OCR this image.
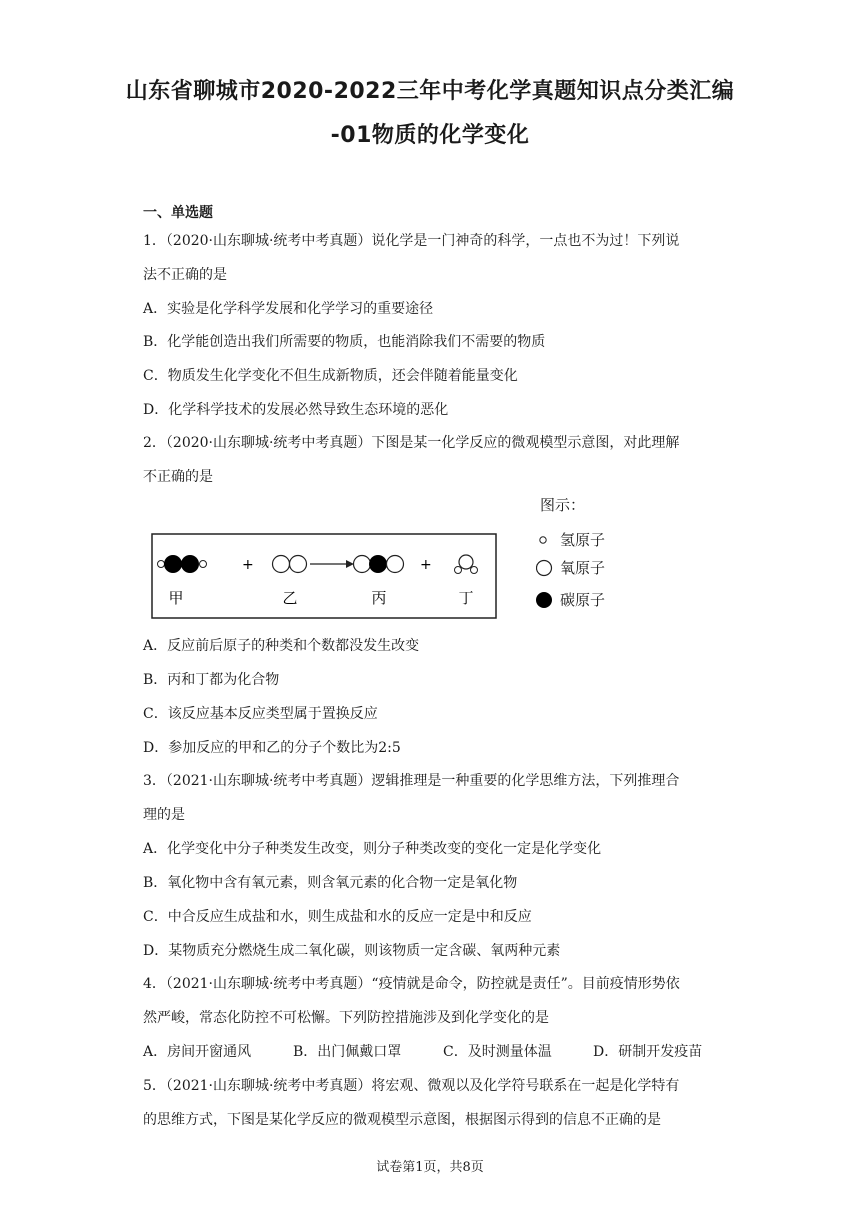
山东省聊城市2020-2022三年中考化学真题知识点分类汇编
-01物质的化学变化
一、单选题
1．（2020·山东聊城·统考中考真题）说化学是一门神奇的科学，一点也不为过！下列说
法不正确的是
A．实验是化学科学发展和化学学习的重要途径
B．化学能创造出我们所需要的物质，也能消除我们不需要的物质
C．物质发生化学变化不但生成新物质，还会伴随着能量变化
D．化学科学技术的发展必然导致生态环境的恶化
2．（2020·山东聊城·统考中考真题）下图是某一化学反应的微观模型示意图，对此理解
不正确的是
+	+
甲	乙	丙	丁
图示：
氢原子
氧原子
碳原子
A．反应前后原子的种类和个数都没发生改变
B．丙和丁都为化合物
C．该反应基本反应类型属于置换反应
D．参加反应的甲和乙的分子个数比为2:5
3．（2021·山东聊城·统考中考真题）逻辑推理是一种重要的化学思维方法，下列推理合
理的是
A．化学变化中分子种类发生改变，则分子种类改变的变化一定是化学变化
B．氧化物中含有氧元素，则含氧元素的化合物一定是氧化物
C．中合反应生成盐和水，则生成盐和水的反应一定是中和反应
D．某物质充分燃烧生成二氧化碳，则该物质一定含碳、氧两种元素
4．（2021·山东聊城·统考中考真题）“疫情就是命令，防控就是责任”。目前疫情形势依
然严峻，常态化防控不可松懈。下列防控措施涉及到化学变化的是
A．房间开窗通风	B．出门佩戴口罩	C．及时测量体温	D．研制开发疫苗
5．（2021·山东聊城·统考中考真题）将宏观、微观以及化学符号联系在一起是化学特有
的思维方式，下图是某化学反应的微观模型示意图，根据图示得到的信息不正确的是
试卷第1页，共8页
